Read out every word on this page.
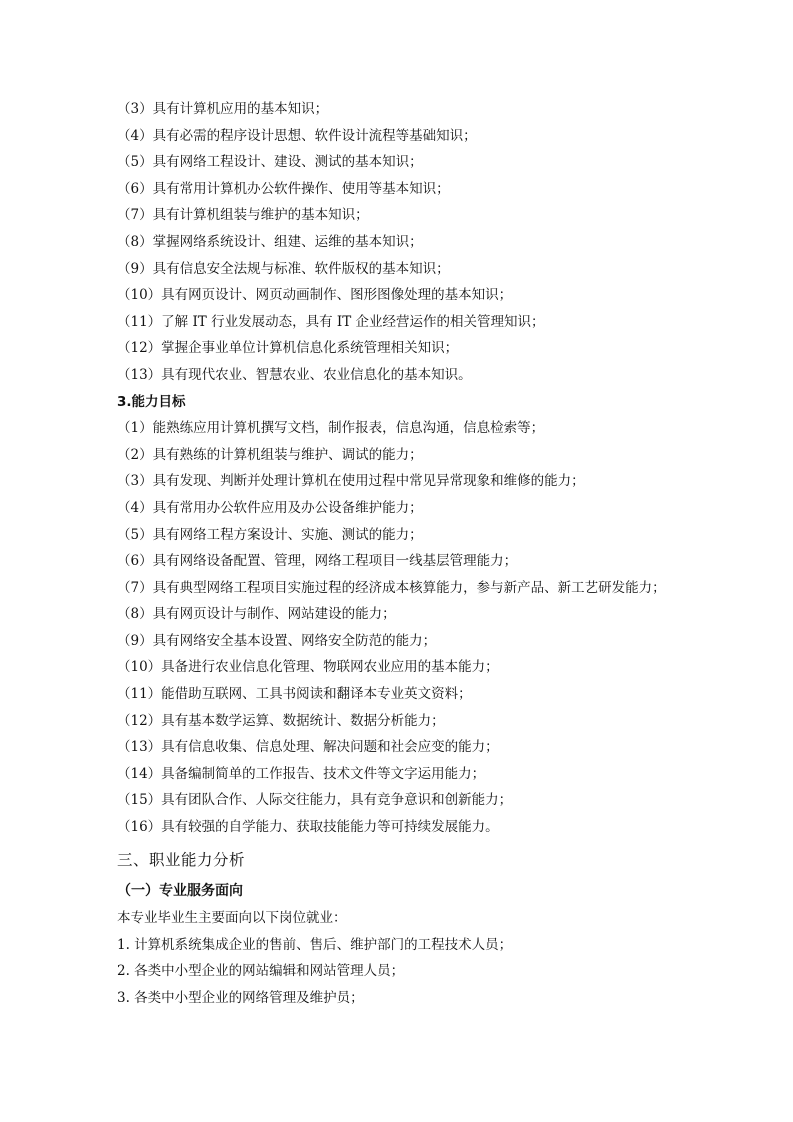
（3）具有计算机应用的基本知识；
（4）具有必需的程序设计思想、软件设计流程等基础知识；
（5）具有网络工程设计、建设、测试的基本知识；
（6）具有常用计算机办公软件操作、使用等基本知识；
（7）具有计算机组装与维护的基本知识；
（8）掌握网络系统设计、组建、运维的基本知识；
（9）具有信息安全法规与标准、软件版权的基本知识；
（10）具有网页设计、网页动画制作、图形图像处理的基本知识；
（11）了解 IT 行业发展动态，具有 IT 企业经营运作的相关管理知识；
（12）掌握企事业单位计算机信息化系统管理相关知识；
（13）具有现代农业、智慧农业、农业信息化的基本知识。
3.能力目标
（1）能熟练应用计算机撰写文档，制作报表，信息沟通，信息检索等；
（2）具有熟练的计算机组装与维护、调试的能力；
（3）具有发现、判断并处理计算机在使用过程中常见异常现象和维修的能力；
（4）具有常用办公软件应用及办公设备维护能力；
（5）具有网络工程方案设计、实施、测试的能力；
（6）具有网络设备配置、管理，网络工程项目一线基层管理能力；
（7）具有典型网络工程项目实施过程的经济成本核算能力，参与新产品、新工艺研发能力；
（8）具有网页设计与制作、网站建设的能力；
（9）具有网络安全基本设置、网络安全防范的能力；
（10）具备进行农业信息化管理、物联网农业应用的基本能力；
（11）能借助互联网、工具书阅读和翻译本专业英文资料；
（12）具有基本数学运算、数据统计、数据分析能力；
（13）具有信息收集、信息处理、解决问题和社会应变的能力；
（14）具备编制简单的工作报告、技术文件等文字运用能力；
（15）具有团队合作、人际交往能力，具有竞争意识和创新能力；
（16）具有较强的自学能力、获取技能能力等可持续发展能力。
三、职业能力分析
（一）专业服务面向
本专业毕业生主要面向以下岗位就业：
1. 计算机系统集成企业的售前、售后、维护部门的工程技术人员；
2. 各类中小型企业的网站编辑和网站管理人员；
3. 各类中小型企业的网络管理及维护员；
